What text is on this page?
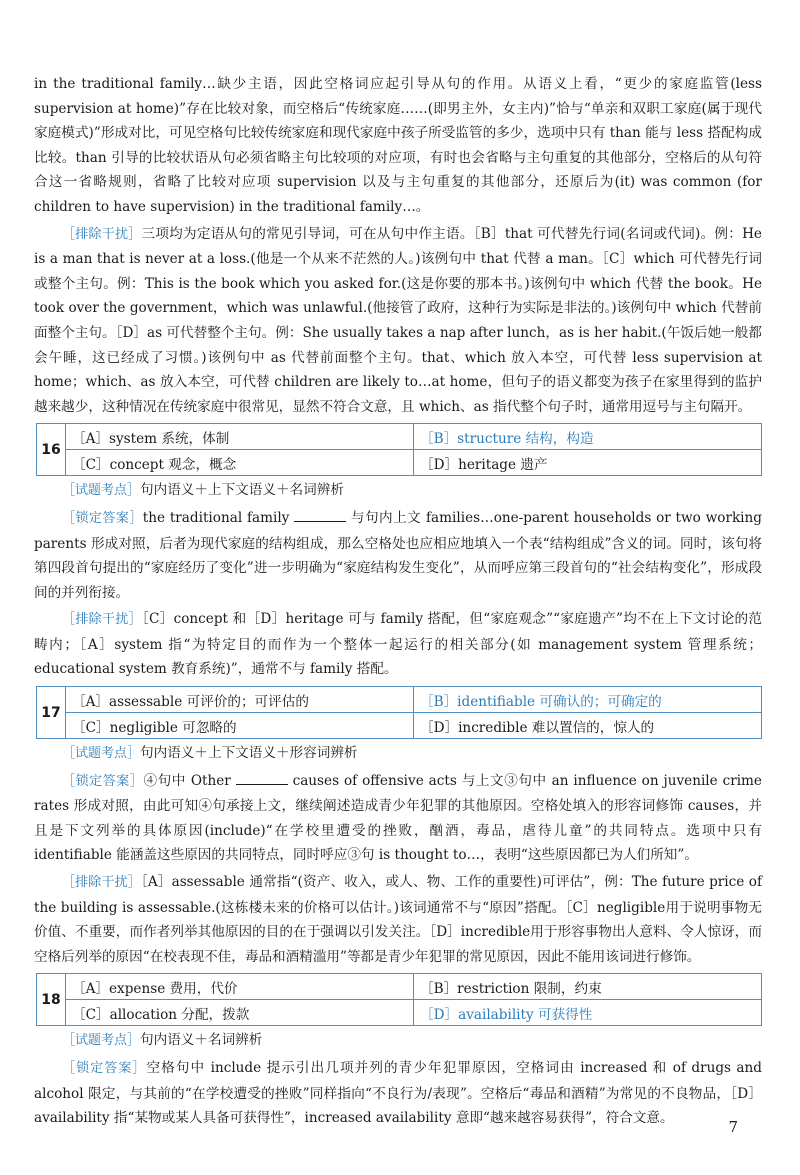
in the traditional family…缺少主语，因此空格词应起引导从句的作用。从语义上看，“更少的家庭监管(less supervision at home)”存在比较对象，而空格后“传统家庭……(即男主外，女主内)”恰与“单亲和双职工家庭(属于现代家庭模式)”形成对比，可见空格句比较传统家庭和现代家庭中孩子所受监管的多少，选项中只有 than 能与 less 搭配构成比较。than 引导的比较状语从句必须省略主句比较项的对应项，有时也会省略与主句重复的其他部分，空格后的从句符合这一省略规则，省略了比较对应项 supervision 以及与主句重复的其他部分，还原后为(it) was common (for children to have supervision) in the traditional family…。

［排除干扰］三项均为定语从句的常见引导词，可在从句中作主语。［B］that 可代替先行词(名词或代词)。例：He is a man that is never at a loss.(他是一个从来不茫然的人。)该例句中 that 代替 a man。［C］which 可代替先行词或整个主句。例：This is the book which you asked for.(这是你要的那本书。)该例句中 which 代替 the book。He took over the government，which was unlawful.(他接管了政府，这种行为实际是非法的。)该例句中 which 代替前面整个主句。［D］as 可代替整个主句。例：She usually takes a nap after lunch，as is her habit.(午饭后她一般都会午睡，这已经成了习惯。)该例句中 as 代替前面整个主句。that、which 放入本空，可代替 less supervision at home；which、as 放入本空，可代替 children are likely to…at home，但句子的语义都变为孩子在家里得到的监护越来越少，这种情况在传统家庭中很常见，显然不符合文意，且 which、as 指代整个句子时，通常用逗号与主句隔开。

16	［A］system 系统，体制	［B］structure 结构，构造
	［C］concept 观念，概念	［D］heritage 遗产

［试题考点］句内语义＋上下文语义＋名词辨析

［锁定答案］the traditional family	与句内上文 families…one-parent households or two working parents 形成对照，后者为现代家庭的结构组成，那么空格处也应相应地填入一个表“结构组成”含义的词。同时，该句将第四段首句提出的“家庭经历了变化”进一步明确为“家庭结构发生变化”，从而呼应第三段首句的“社会结构变化”，形成段间的并列衔接。

［排除干扰］［C］concept 和［D］heritage 可与 family 搭配，但“家庭观念”“家庭遗产”均不在上下文讨论的范畴内；［A］system 指“为特定目的而作为一个整体一起运行的相关部分(如 management system 管理系统；educational system 教育系统)”，通常不与 family 搭配。

17	［A］assessable 可评价的；可评估的	［B］identifiable 可确认的；可确定的
	［C］negligible 可忽略的	［D］incredible 难以置信的，惊人的

［试题考点］句内语义＋上下文语义＋形容词辨析

［锁定答案］④句中 Other	causes of offensive acts 与上文③句中 an influence on juvenile crime rates 形成对照，由此可知④句承接上文，继续阐述造成青少年犯罪的其他原因。空格处填入的形容词修饰 causes，并且是下文列举的具体原因(include)“在学校里遭受的挫败，酗酒，毒品，虐待儿童”的共同特点。选项中只有 identifiable 能涵盖这些原因的共同特点，同时呼应③句 is thought to…，表明“这些原因都已为人们所知”。

［排除干扰］［A］assessable 通常指“(资产、收入，或人、物、工作的重要性)可评估”，例：The future price of the building is assessable.(这栋楼未来的价格可以估计。)该词通常不与“原因”搭配。［C］negligible用于说明事物无价值、不重要，而作者列举其他原因的目的在于强调以引发关注。［D］incredible用于形容事物出人意料、令人惊讶，而空格后列举的原因“在校表现不佳，毒品和酒精滥用”等都是青少年犯罪的常见原因，因此不能用该词进行修饰。

18	［A］expense 费用，代价	［B］restriction 限制，约束
	［C］allocation 分配，拨款	［D］availability 可获得性

［试题考点］句内语义＋名词辨析

［锁定答案］空格句中 include 提示引出几项并列的青少年犯罪原因，空格词由 increased 和 of drugs and alcohol 限定，与其前的“在学校遭受的挫败”同样指向“不良行为/表现”。空格后“毒品和酒精”为常见的不良物品，［D］availability 指“某物或某人具备可获得性”，increased availability 意即“越来越容易获得”，符合文意。	7
